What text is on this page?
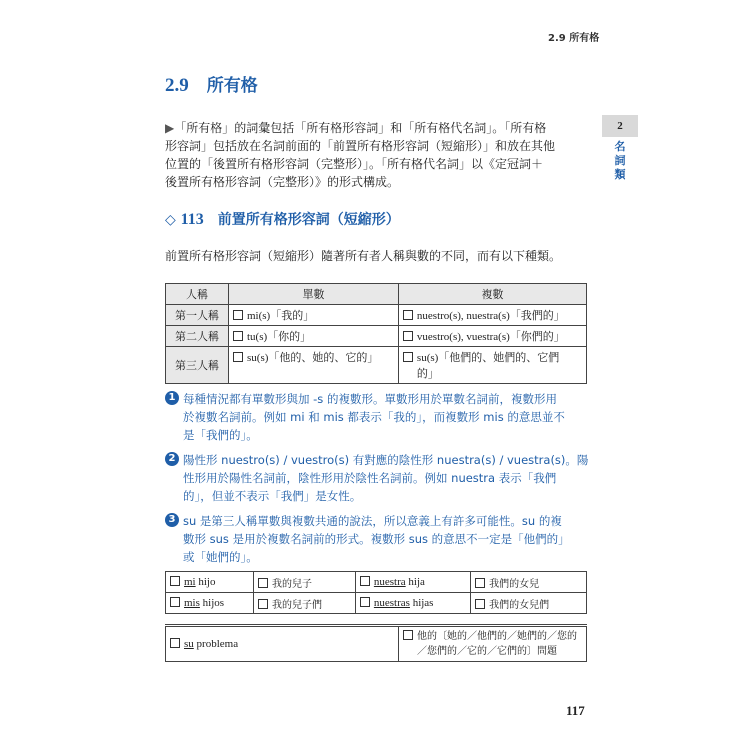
2.9 所有格
2.9 所有格
2
名詞類

▶「所有格」的詞彙包括「所有格形容詞」和「所有格代名詞」。「所有格

形容詞」包括放在名詞前面的「前置所有格形容詞（短縮形）」和放在其他

位置的「後置所有格形容詞（完整形）」。「所有格代名詞」以《定冠詞＋

後置所有格形容詞（完整形）》的形式構成。

◇ 113 前置所有格形容詞（短縮形）
前置所有格形容詞（短縮形）隨著所有者人稱與數的不同，而有以下種類。
人稱	單數	複數
第一人稱	mi(s)「我的」	nuestro(s), nuestra(s)「我們的」
第二人稱	tu(s)「你的」	vuestro(s), vuestra(s)「你們的」
第三人稱	su(s)「他的、她的、它的」	su(s)「他們的、她們的、它們
的」
1 每種情況都有單數形與加 -s 的複數形。單數形用於單數名詞前，複數形用
於複數名詞前。例如 mi 和 mis 都表示「我的」，而複數形 mis 的意思並不
是「我們的」。
2 陽性形 nuestro(s) / vuestro(s) 有對應的陰性形 nuestra(s) / vuestra(s)。陽
性形用於陽性名詞前，陰性形用於陰性名詞前。例如 nuestra 表示「我們
的」，但並不表示「我們」是女性。
3 su 是第三人稱單數與複數共通的說法，所以意義上有許多可能性。su 的複
數形 sus 是用於複數名詞前的形式。複數形 sus 的意思不一定是「他們的」
或「她們的」。
mi hijo	我的兒子	nuestra hija	我們的女兒
mis hijos	我的兒子們	nuestras hijas	我們的女兒們
su problema	他的〔她的／他們的／她們的／您的
／您們的／它的／它們的〕問題
117
